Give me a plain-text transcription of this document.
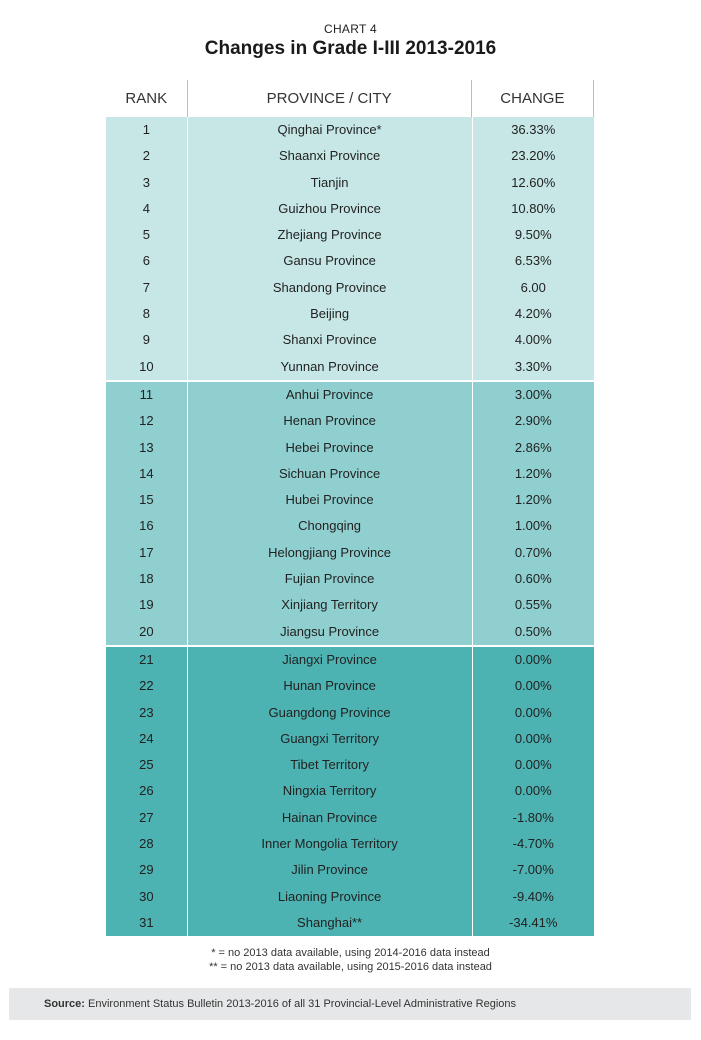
CHART 4
Changes in Grade I-III 2013-2016
RANK	PROVINCE / CITY	CHANGE
1	Qinghai Province*	36.33%
2	Shaanxi Province	23.20%
3	Tianjin	12.60%
4	Guizhou Province	10.80%
5	Zhejiang Province	9.50%
6	Gansu Province	6.53%
7	Shandong Province	6.00
8	Beijing	4.20%
9	Shanxi Province	4.00%
10	Yunnan Province	3.30%
11	Anhui Province	3.00%
12	Henan Province	2.90%
13	Hebei Province	2.86%
14	Sichuan Province	1.20%
15	Hubei Province	1.20%
16	Chongqing	1.00%
17	Helongjiang Province	0.70%
18	Fujian Province	0.60%
19	Xinjiang Territory	0.55%
20	Jiangsu Province	0.50%
21	Jiangxi Province	0.00%
22	Hunan Province	0.00%
23	Guangdong Province	0.00%
24	Guangxi Territory	0.00%
25	Tibet Territory	0.00%
26	Ningxia Territory	0.00%
27	Hainan Province	-1.80%
28	Inner Mongolia Territory	-4.70%
29	Jilin Province	-7.00%
30	Liaoning Province	-9.40%
31	Shanghai**	-34.41%
* = no 2013 data available, using 2014-2016 data instead
** = no 2013 data available, using 2015-2016 data instead
Source: Environment Status Bulletin 2013-2016 of all 31 Provincial-Level Administrative Regions
